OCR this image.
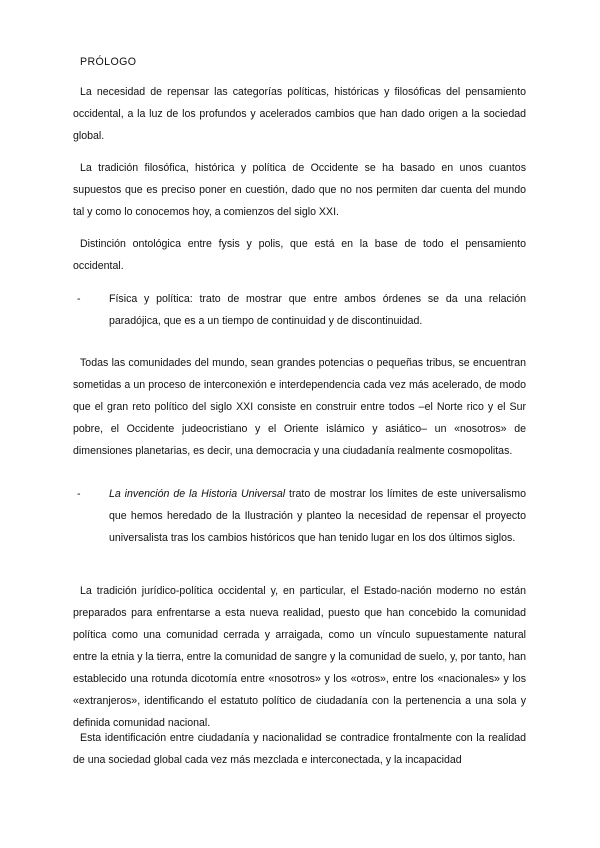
PRÓLOGO

La necesidad de repensar las categorías políticas, históricas y filosóficas del pensamiento occidental, a la luz de los profundos y acelerados cambios que han dado origen a la sociedad global.

La tradición filosófica, histórica y política de Occidente se ha basado en unos cuantos supuestos que es preciso poner en cuestión, dado que no nos permiten dar cuenta del mundo tal y como lo conocemos hoy, a comienzos del siglo XXI.

Distinción ontológica entre fysis y polis, que está en la base de todo el pensamiento occidental.

-	Física y política: trato de mostrar que entre ambos órdenes se da una relación paradójica, que es a un tiempo de continuidad y de discontinuidad.

Todas las comunidades del mundo, sean grandes potencias o pequeñas tribus, se encuentran sometidas a un proceso de interconexión e interdependencia cada vez más acelerado, de modo que el gran reto político del siglo XXI consiste en construir entre todos –el Norte rico y el Sur pobre, el Occidente judeocristiano y el Oriente islámico y asiático– un «nosotros» de dimensiones planetarias, es decir, una democracia y una ciudadanía realmente cosmopolitas.

-	La invención de la Historia Universal trato de mostrar los límites de este universalismo que hemos heredado de la Ilustración y planteo la necesidad de repensar el proyecto universalista tras los cambios históricos que han tenido lugar en los dos últimos siglos.

La tradición jurídico-política occidental y, en particular, el Estado-nación moderno no están preparados para enfrentarse a esta nueva realidad, puesto que han concebido la comunidad política como una comunidad cerrada y arraigada, como un vínculo supuestamente natural entre la etnia y la tierra, entre la comunidad de sangre y la comunidad de suelo, y, por tanto, han establecido una rotunda dicotomía entre «nosotros» y los «otros», entre los «nacionales» y los «extranjeros», identificando el estatuto político de ciudadanía con la pertenencia a una sola y definida comunidad nacional.

Esta identificación entre ciudadanía y nacionalidad se contradice frontalmente con la realidad de una sociedad global cada vez más mezclada e interconectada, y la incapacidad
